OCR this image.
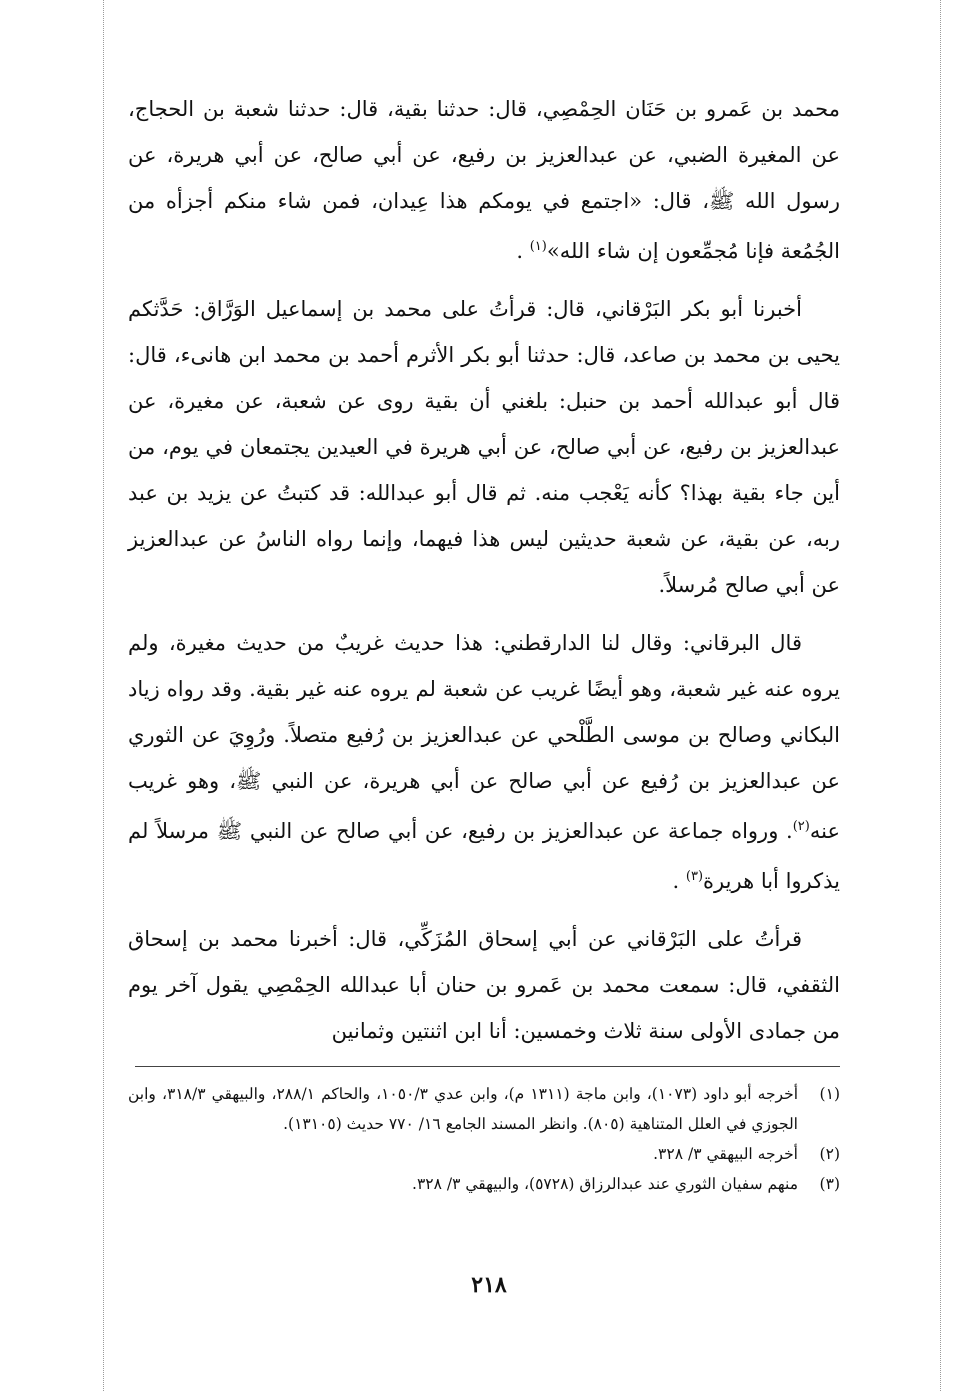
محمد بن عَمرو بن حَنَان الحِمْصِي، قال: حدثنا بقية، قال: حدثنا شعبة بن الحجاج، عن المغيرة الضبي، عن عبدالعزيز بن رفيع، عن أبي صالح، عن أبي هريرة، عن رسول الله ﷺ، قال: «اجتمع في يومكم هذا عِيدان، فمن شاء منكم أجزأه من الجُمُعة فإنا مُجمِّعون إن شاء الله»$^{(١)}$ .

أخبرنا أبو بكر البَرْقاني، قال: قرأتُ على محمد بن إسماعيل الوَرَّاق: حَدَّثكم يحيى بن محمد بن صاعد، قال: حدثنا أبو بكر الأثرم أحمد بن محمد ابن هانىء، قال: قال أبو عبدالله أحمد بن حنبل: بلغني أن بقية روى عن شعبة، عن مغيرة، عن عبدالعزيز بن رفيع، عن أبي صالح، عن أبي هريرة في العيدين يجتمعان في يوم، من أين جاء بقية بهذا؟ كأنه يَعْجب منه. ثم قال أبو عبدالله: قد كتبتُ عن يزيد بن عبد ربه، عن بقية، عن شعبة حديثين ليس هذا فيهما، وإنما رواه الناسُ عن عبدالعزيز عن أبي صالح مُرسلاً.

قال البرقاني: وقال لنا الدارقطني: هذا حديث غريبٌ من حديث مغيرة، ولم يروه عنه غير شعبة، وهو أيضًا غريب عن شعبة لم يروه عنه غير بقية. وقد رواه زياد البكاني وصالح بن موسى الطَّلْحي عن عبدالعزيز بن رُفيع متصلاً. ورُوِيَ عن الثوري عن عبدالعزيز بن رُفيع عن أبي صالح عن أبي هريرة، عن النبي ﷺ، وهو غريب عنه$^{(٢)}$. ورواه جماعة عن عبدالعزيز بن رفيع، عن أبي صالح عن النبي ﷺ مرسلاً لم يذكروا أبا هريرة$^{(٣)}$ .

قرأتُ على البَرْقاني عن أبي إسحاق المُزَكِّي، قال: أخبرنا محمد بن إسحاق الثقفي، قال: سمعت محمد بن عَمرو بن حنان أبا عبدالله الحِمْصِي يقول آخر يوم من جمادى الأولى سنة ثلاث وخمسين: أنا ابن اثنتين وثمانين

(١)
أخرجه أبو داود (١٠٧٣)، وابن ماجة (١٣١١ م)، وابن عدي ١٠٥٠/٣، والحاكم ٢٨٨/١، والبيهقي ٣١٨/٣، وابن الجوزي في العلل المتناهية (٨٠٥). وانظر المسند الجامع ١٦/ ٧٧٠ حديث (١٣١٠٥).
(٢)
أخرجه البيهقي ٣/ ٣٢٨.
(٣)
منهم سفيان الثوري عند عبدالرزاق (٥٧٢٨)، والبيهقي ٣/ ٣٢٨.
٢١٨
